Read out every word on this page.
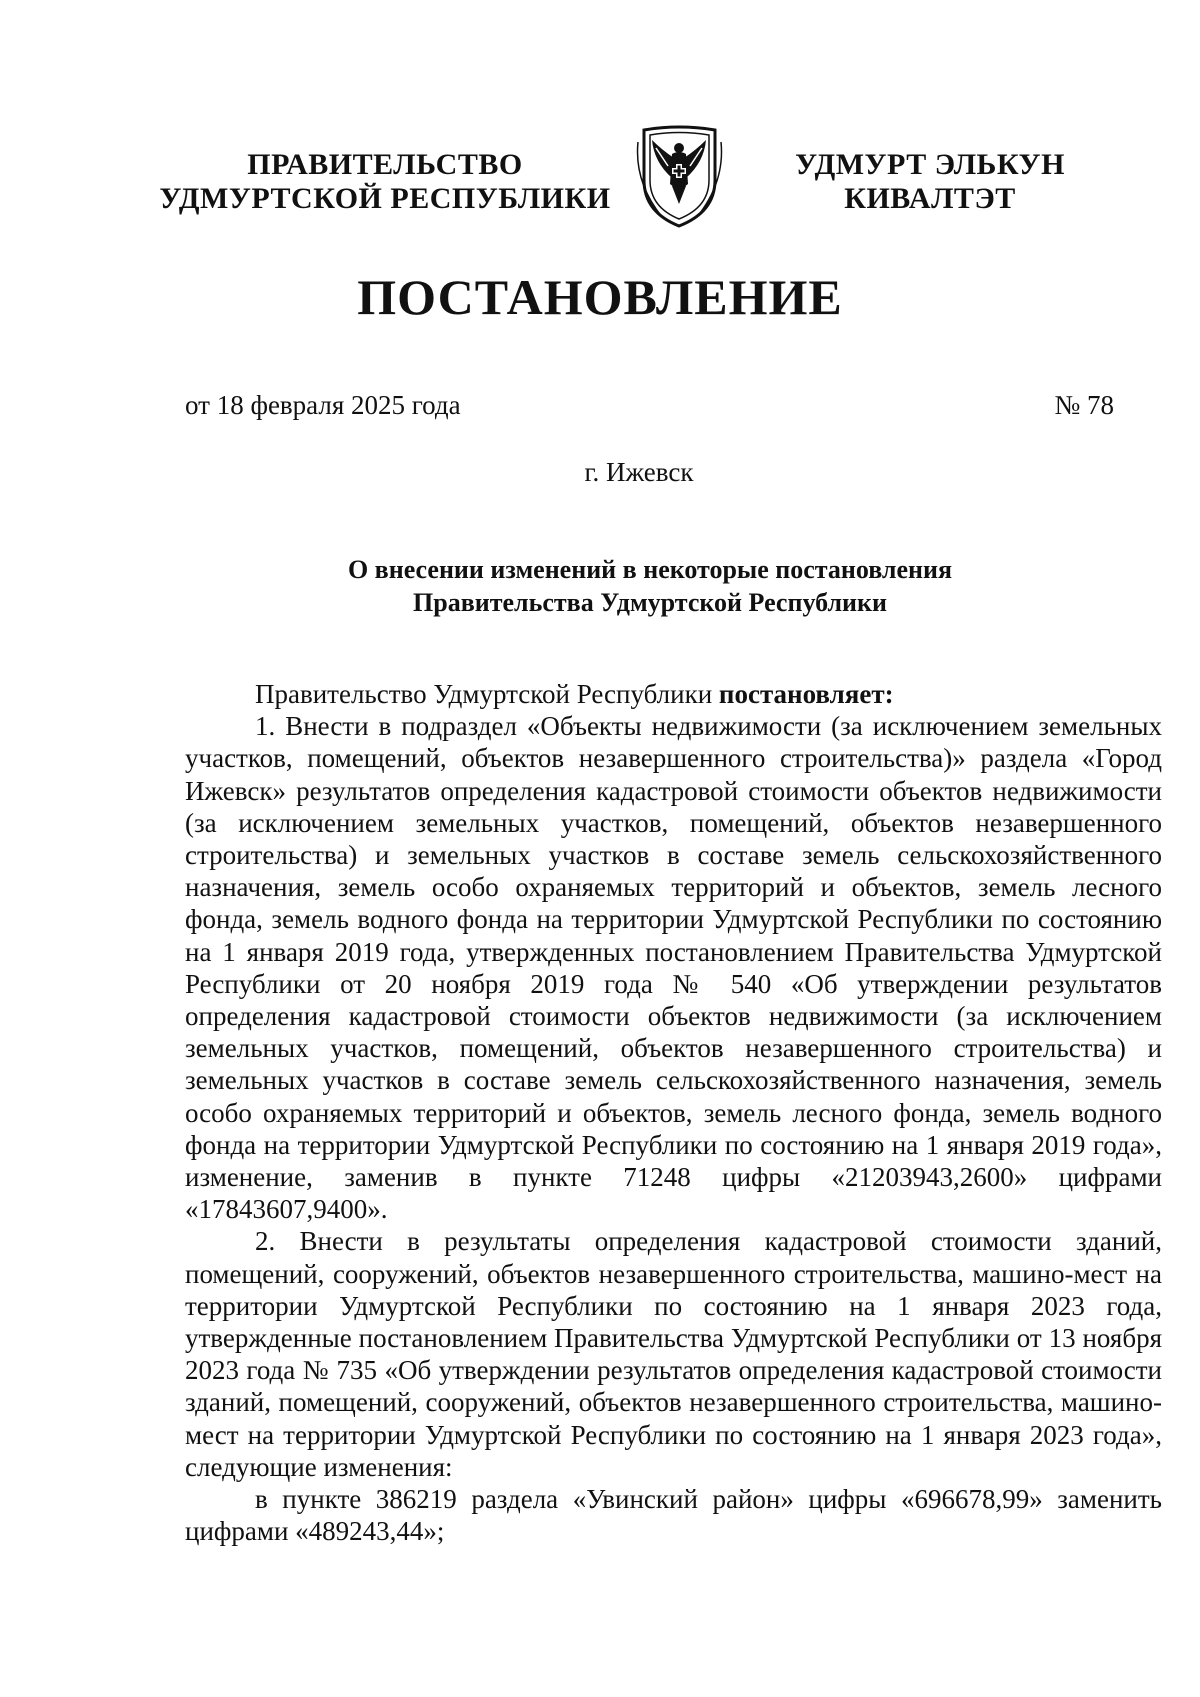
ПРАВИТЕЛЬСТВО
УДМУРТСКОЙ РЕСПУБЛИКИ
УДМУРТ ЭЛЬКУН
КИВАЛТЭТ
ПОСТАНОВЛЕНИЕ
от 18 февраля 2025 года	№ 78
г. Ижевск
О внесении изменений в некоторые постановления
Правительства Удмуртской Республики

Правительство Удмуртской Республики постановляет:

1. Внести в подраздел «Объекты недвижимости (за исключением земельных участков, помещений, объектов незавершенного строительства)» раздела «Город Ижевск» результатов определения кадастровой стоимости объектов недвижимости (за исключением земельных участков, помещений, объектов незавершенного строительства) и земельных участков в составе земель сельскохозяйственного назначения, земель особо охраняемых территорий и объектов, земель лесного фонда, земель водного фонда на территории Удмуртской Республики по состоянию на 1 января 2019 года, утвержденных постановлением Правительства Удмуртской Республики от 20 ноября 2019 года № 540 «Об утверждении результатов определения кадастровой стоимости объектов недвижимости (за исключением земельных участков, помещений, объектов незавершенного строительства) и земельных участков в составе земель сельскохозяйственного назначения, земель особо охраняемых территорий и объектов, земель лесного фонда, земель водного фонда на территории Удмуртской Республики по состоянию на 1 января 2019 года», изменение, заменив в пункте 71248 цифры «21203943,2600» цифрами «17843607,9400».

2. Внести в результаты определения кадастровой стоимости зданий, помещений, сооружений, объектов незавершенного строительства, машино-мест на территории Удмуртской Республики по состоянию на 1 января 2023 года, утвержденные постановлением Правительства Удмуртской Республики от 13 ноября 2023 года № 735 «Об утверждении результатов определения кадастровой стоимости зданий, помещений, сооружений, объектов незавершенного строительства, машино-мест на территории Удмуртской Республики по состоянию на 1 января 2023 года», следующие изменения:

в пункте 386219 раздела «Увинский район» цифры «696678,99» заменить цифрами «489243,44»;
